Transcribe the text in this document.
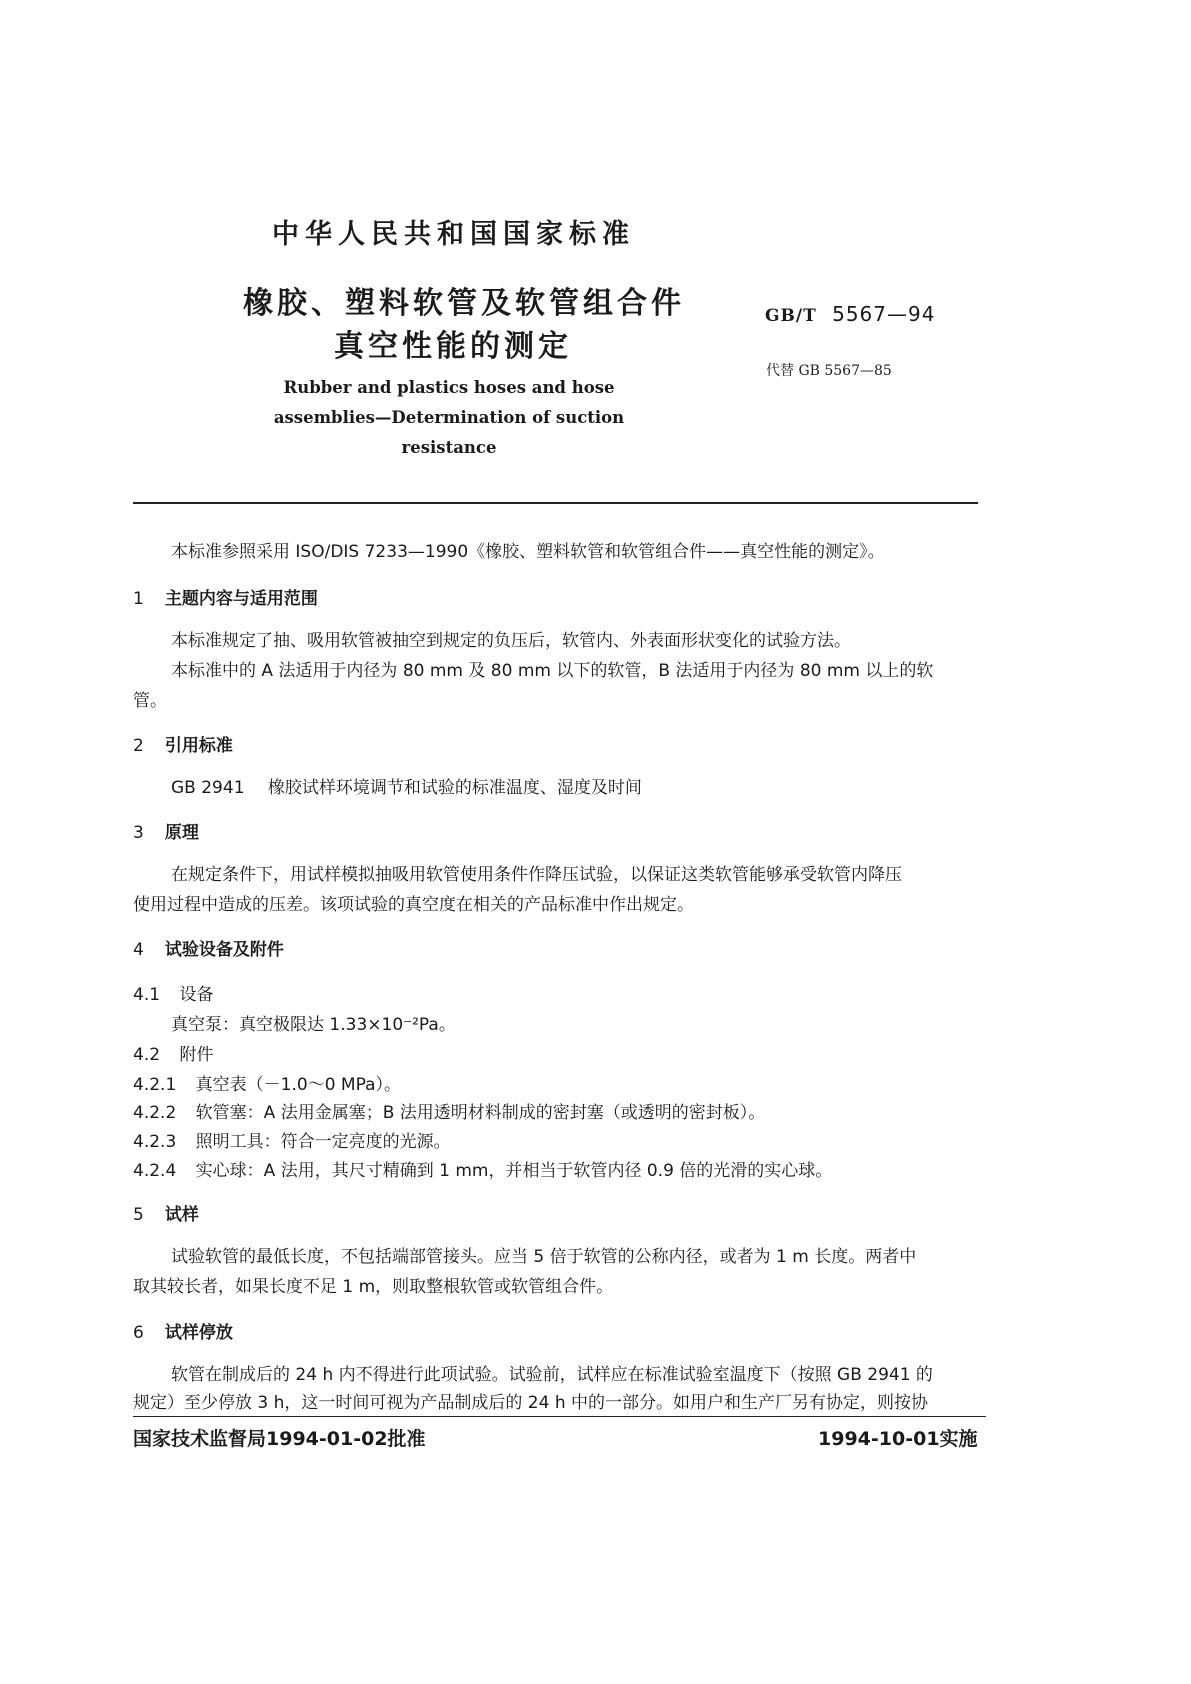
中华人民共和国国家标准
橡胶、塑料软管及软管组合件
真空性能的测定
Rubber and plastics hoses and hose
assemblies—Determination of suction
resistance
GB/T 5567—94
代替 GB 5567—85
本标准参照采用 ISO/DIS 7233—1990《橡胶、塑料软管和软管组合件——真空性能的测定》。
1 主题内容与适用范围
本标准规定了抽、吸用软管被抽空到规定的负压后，软管内、外表面形状变化的试验方法。
本标准中的 A 法适用于内径为 80 mm 及 80 mm 以下的软管，B 法适用于内径为 80 mm 以上的软
管。
2 引用标准
GB 2941 橡胶试样环境调节和试验的标准温度、湿度及时间
3 原理
在规定条件下，用试样模拟抽吸用软管使用条件作降压试验，以保证这类软管能够承受软管内降压
使用过程中造成的压差。该项试验的真空度在相关的产品标准中作出规定。
4 试验设备及附件
4.1 设备
真空泵：真空极限达 1.33×10⁻²Pa。
4.2 附件
4.2.1 真空表（－1.0～0 MPa）。
4.2.2 软管塞：A 法用金属塞；B 法用透明材料制成的密封塞（或透明的密封板）。
4.2.3 照明工具：符合一定亮度的光源。
4.2.4 实心球：A 法用，其尺寸精确到 1 mm，并相当于软管内径 0.9 倍的光滑的实心球。
5 试样
试验软管的最低长度，不包括端部管接头。应当 5 倍于软管的公称内径，或者为 1 m 长度。两者中
取其较长者，如果长度不足 1 m，则取整根软管或软管组合件。
6 试样停放
软管在制成后的 24 h 内不得进行此项试验。试验前，试样应在标准试验室温度下（按照 GB 2941 的
规定）至少停放 3 h，这一时间可视为产品制成后的 24 h 中的一部分。如用户和生产厂另有协定，则按协
国家技术监督局1994-01-02批准	1994-10-01实施
